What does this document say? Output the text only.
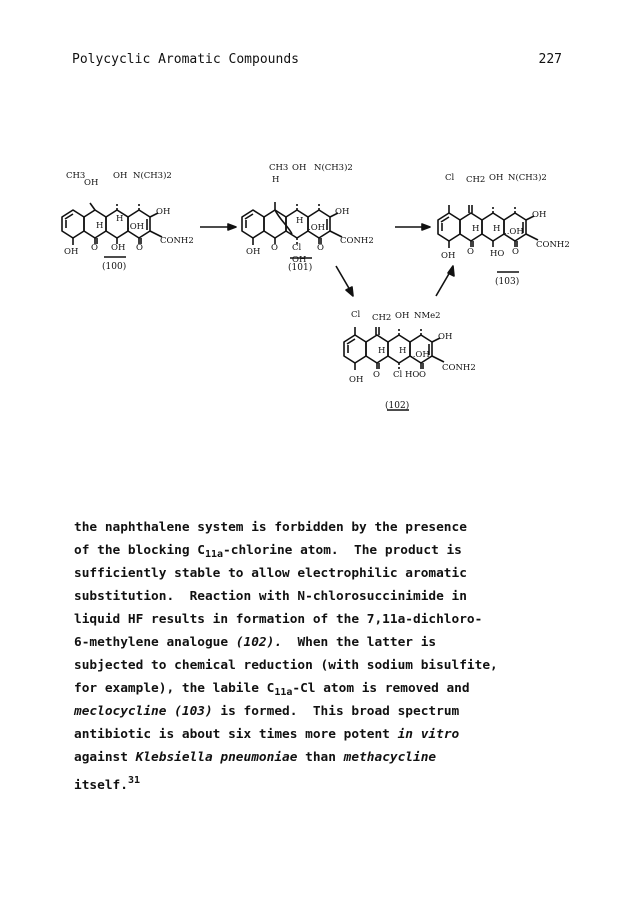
Polycyclic Aromatic Compounds	227
CH3
OH
OH N(CH3)2
OH
H
H
.OH
CONH2
OH O OH O
(100)
CH3 OH N(CH3)2
H
OH
H
.OH
CONH2
OH O Cl
OH
O
(101)
Cl CH2 OH N(CH3)2
OH
H H ..OH
CONH2
OH O HO O
(103)
Cl CH2 OH NMe2
OH
H H ..OH
CONH2
OH O Cl HO O
(102)
the naphthalene system is forbidden by the presence
of the blocking $C_{11a}$-chlorine atom.  The product is
sufficiently stable to allow electrophilic aromatic
substitution.  Reaction with N-chlorosuccinimide in
liquid HF results in formation of the 7,11a-dichloro-
6-methylene analogue (102).  When the latter is
subjected to chemical reduction (with sodium bisulfite,
for example), the labile $C_{11a}-Cl$ atom is removed and
meclocycline (103) is formed.  This broad spectrum
antibiotic is about six times more potent in vitro
against Klebsiella pneumoniae than methacycline
itself.$^{31}$
